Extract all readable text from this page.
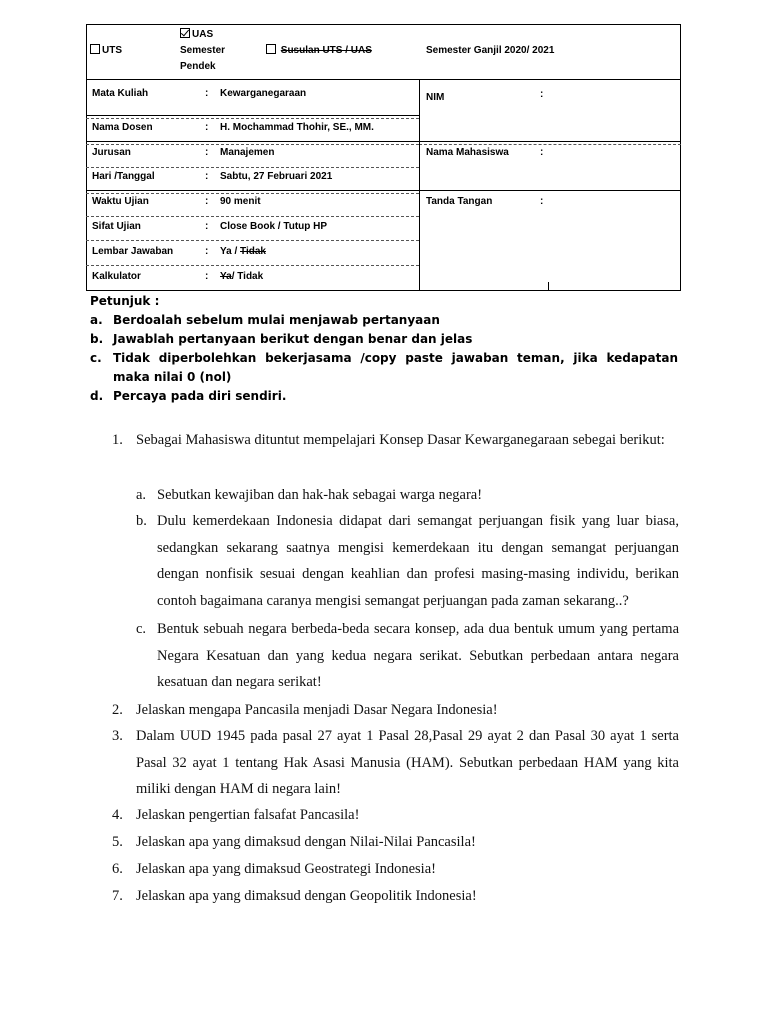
UTS
UAS
Semester
Pendek
Susulan UTS / UAS	Semester Ganjil 2020/ 2021
Mata Kuliah	: Kewarganegaraan
Nama Dosen	: H. Mochammad Thohir, SE., MM.
Jurusan	: Manajemen
Hari /Tanggal	: Sabtu, 27 Februari 2021
Waktu Ujian	: 90 menit
Sifat Ujian	: Close Book / Tutup HP
Lembar Jawaban	: Ya / Tidak
Kalkulator	: Ya/ Tidak
NIM	:
Nama Mahasiswa	:
Tanda Tangan	:
Petunjuk :
a. Berdoalah sebelum mulai menjawab pertanyaan
b. Jawablah pertanyaan berikut dengan benar dan jelas
c. Tidak diperbolehkan bekerjasama /copy paste jawaban teman, jika kedapatan maka nilai 0 (nol)
d. Percaya pada diri sendiri.
1. Sebagai Mahasiswa dituntut mempelajari Konsep Dasar Kewarganegaraan sebegai berikut:
a. Sebutkan kewajiban dan hak-hak sebagai warga negara!
b. Dulu kemerdekaan Indonesia didapat dari semangat perjuangan fisik yang luar biasa, sedangkan sekarang saatnya mengisi kemerdekaan itu dengan semangat perjuangan dengan nonfisik sesuai dengan keahlian dan profesi masing-masing individu, berikan contoh bagaimana caranya mengisi semangat perjuangan pada zaman sekarang..?
c. Bentuk sebuah negara berbeda-beda secara konsep, ada dua bentuk umum yang pertama Negara Kesatuan dan yang kedua negara serikat. Sebutkan perbedaan antara negara kesatuan dan negara serikat!
2. Jelaskan mengapa Pancasila menjadi Dasar Negara Indonesia!
3. Dalam UUD 1945 pada pasal 27 ayat 1 Pasal 28,Pasal 29 ayat 2 dan Pasal 30 ayat 1 serta Pasal 32 ayat 1 tentang Hak Asasi Manusia (HAM). Sebutkan perbedaan HAM yang kita miliki dengan HAM di negara lain!
4. Jelaskan pengertian falsafat Pancasila!
5. Jelaskan apa yang dimaksud dengan Nilai-Nilai Pancasila!
6. Jelaskan apa yang dimaksud Geostrategi Indonesia!
7. Jelaskan apa yang dimaksud dengan Geopolitik Indonesia!
